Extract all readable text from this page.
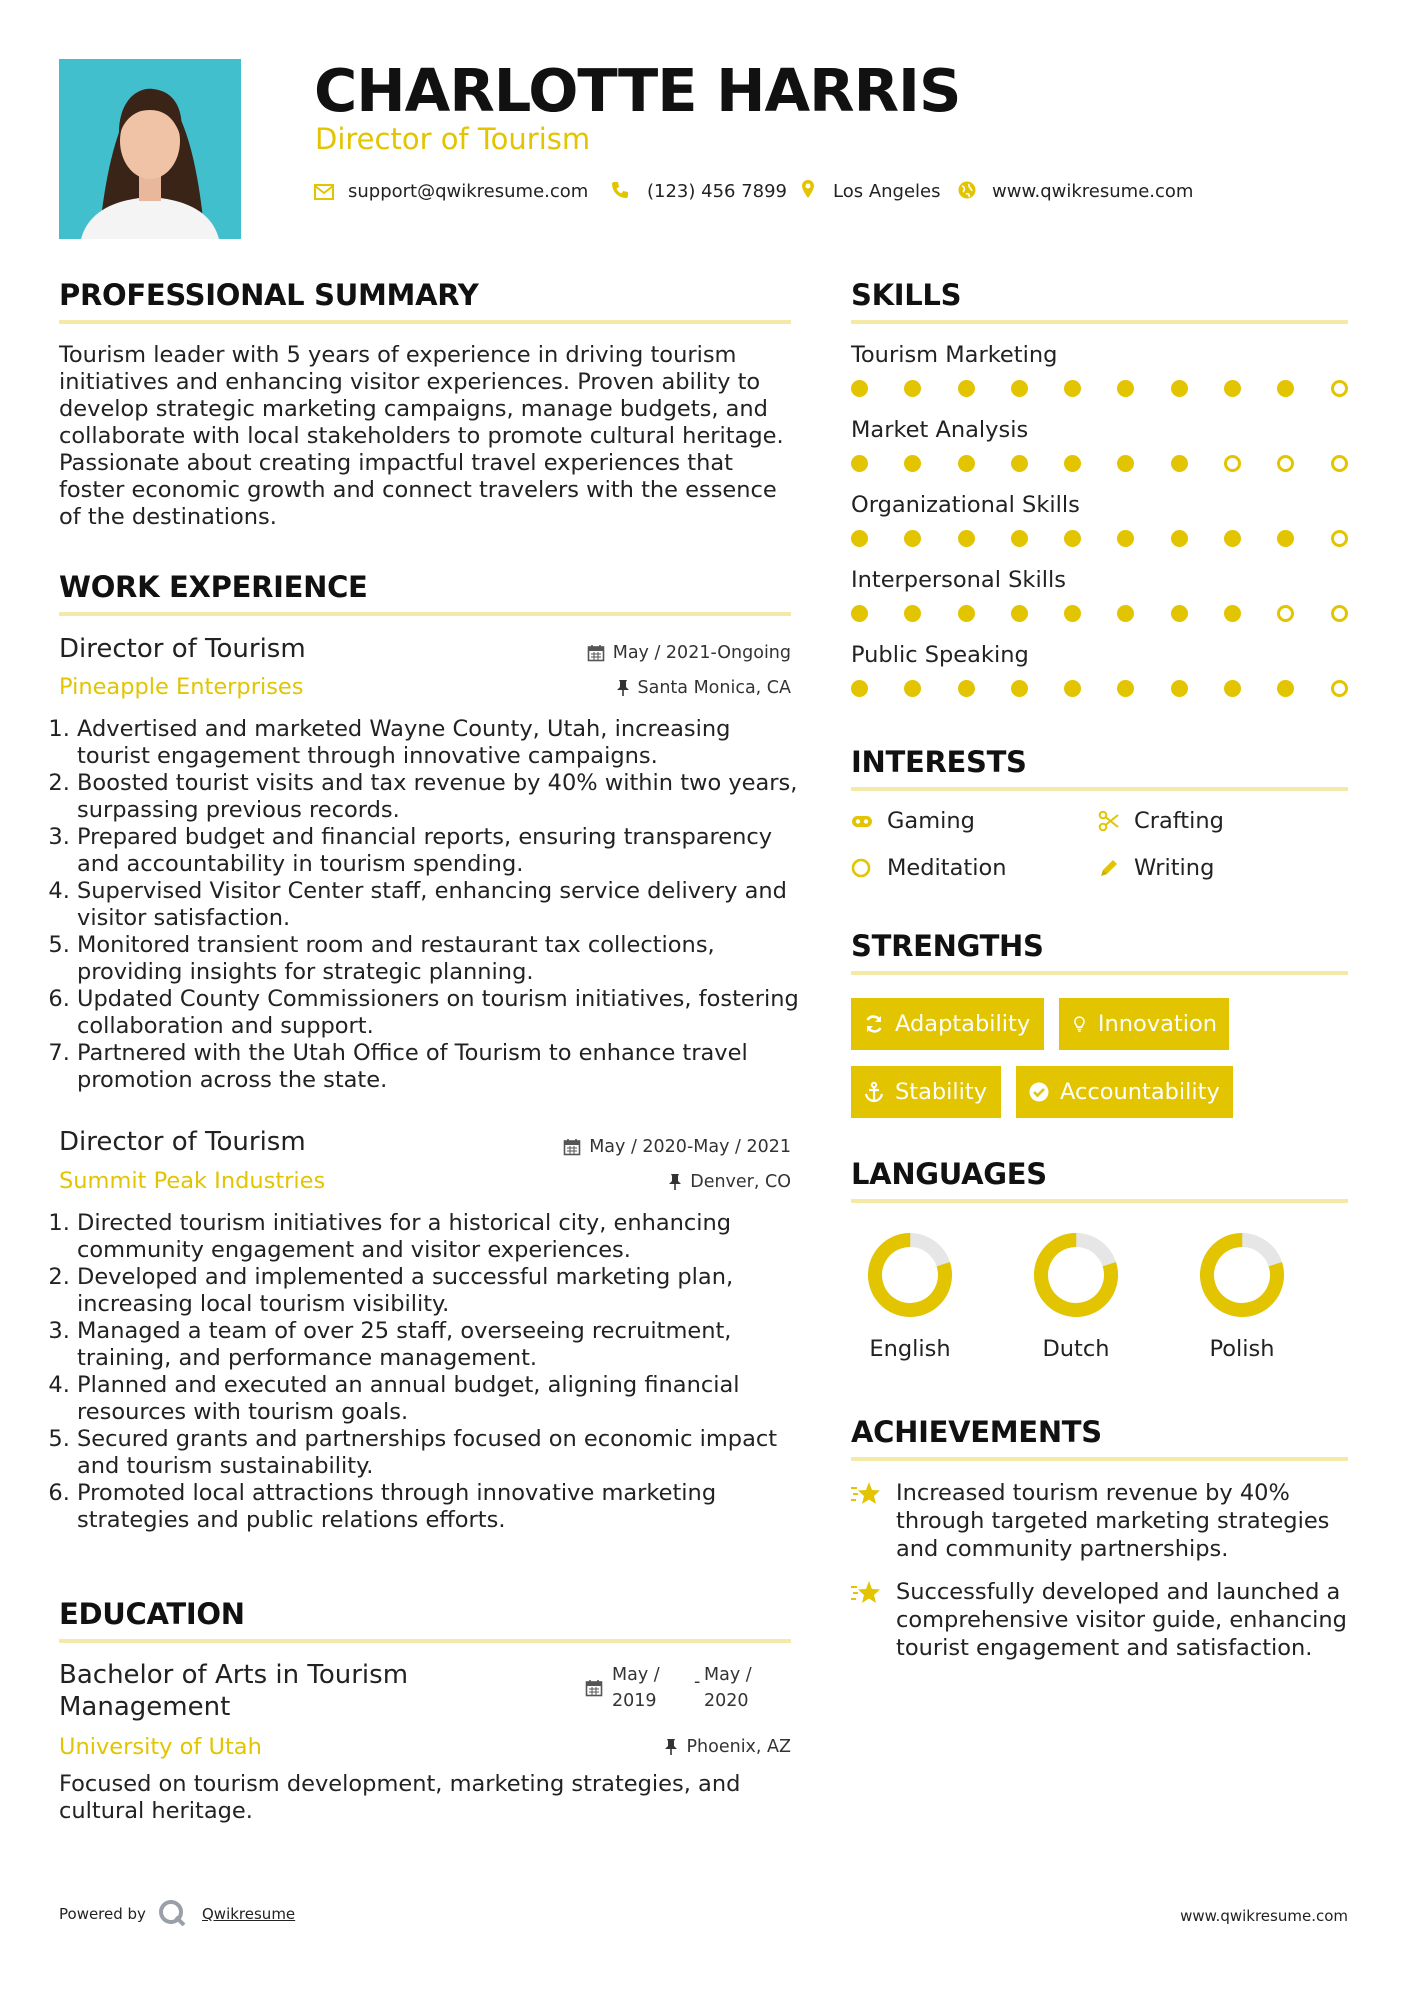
CHARLOTTE HARRIS
Director of Tourism
support@qwikresume.com	(123) 456 7899	Los Angeles	www.qwikresume.com
PROFESSIONAL SUMMARY
Tourism leader with 5 years of experience in driving tourism initiatives and enhancing visitor experiences. Proven ability to develop strategic marketing campaigns, manage budgets, and collaborate with local stakeholders to promote cultural heritage. Passionate about creating impactful travel experiences that foster economic growth and connect travelers with the essence of the destinations.
WORK EXPERIENCE
Director of Tourism	May / 2021-Ongoing
Pineapple Enterprises	Santa Monica, CA
1. Advertised and marketed Wayne County, Utah, increasing tourist engagement through innovative campaigns.
2. Boosted tourist visits and tax revenue by 40% within two years, surpassing previous records.
3. Prepared budget and financial reports, ensuring transparency and accountability in tourism spending.
4. Supervised Visitor Center staff, enhancing service delivery and visitor satisfaction.
5. Monitored transient room and restaurant tax collections, providing insights for strategic planning.
6. Updated County Commissioners on tourism initiatives, fostering collaboration and support.
7. Partnered with the Utah Office of Tourism to enhance travel promotion across the state.
Director of Tourism	May / 2020-May / 2021
Summit Peak Industries	Denver, CO
1. Directed tourism initiatives for a historical city, enhancing community engagement and visitor experiences.
2. Developed and implemented a successful marketing plan, increasing local tourism visibility.
3. Managed a team of over 25 staff, overseeing recruitment, training, and performance management.
4. Planned and executed an annual budget, aligning financial resources with tourism goals.
5. Secured grants and partnerships focused on economic impact and tourism sustainability.
6. Promoted local attractions through innovative marketing strategies and public relations efforts.
EDUCATION
Bachelor of Arts in Tourism Management
May / 2019
- May / 2020
University of Utah	Phoenix, AZ
Focused on tourism development, marketing strategies, and cultural heritage.
SKILLS
Tourism Marketing
Market Analysis
Organizational Skills
Interpersonal Skills
Public Speaking
INTERESTS
Gaming	Crafting
Meditation	Writing
STRENGTHS
Adaptability	Innovation
Stability	Accountability
LANGUAGES
English	Dutch	Polish
ACHIEVEMENTS
Increased tourism revenue by 40% through targeted marketing strategies and community partnerships.
Successfully developed and launched a comprehensive visitor guide, enhancing tourist engagement and satisfaction.
Powered by	Qwikresume	www.qwikresume.com
